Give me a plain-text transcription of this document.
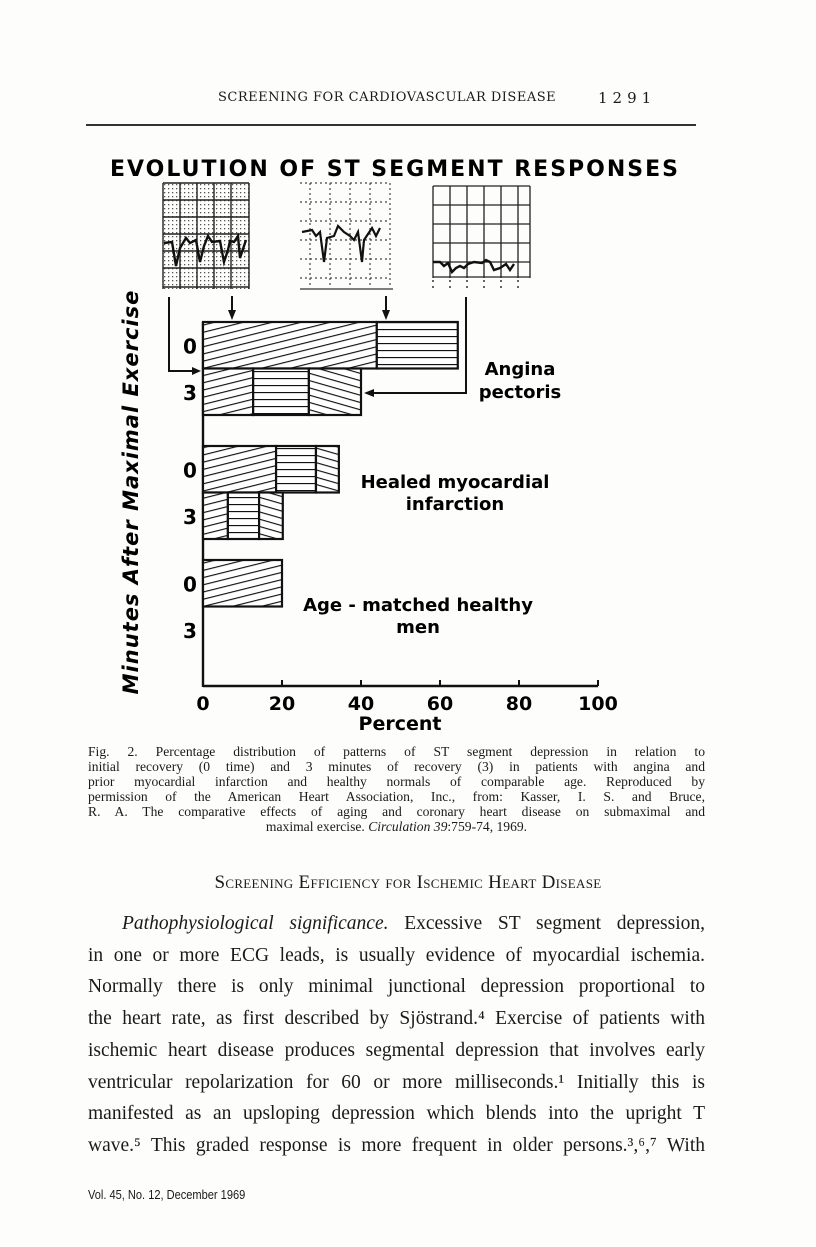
SCREENING FOR CARDIOVASCULAR DISEASE	1291
EVOLUTION OF ST SEGMENT RESPONSES
0	20	40	60	80 100
0
3
0
3
0
3
Angina
pectoris
Healed myocardial
infarction
Age - matched healthy
men
Percent
Minutes After Maximal Exercise
Fig. 2. Percentage distribution of patterns of ST segment depression in relation to
initial recovery (0 time) and 3 minutes of recovery (3) in patients with angina and
prior myocardial infarction and healthy normals of comparable age. Reproduced by
permission of the American Heart Association, Inc., from: Kasser, I. S. and Bruce,
R. A. The comparative effects of aging and coronary heart disease on submaximal and
maximal exercise. Circulation 39:759-74, 1969.
Screening Efficiency for Ischemic Heart Disease
Pathophysiological significance. Excessive ST segment depression,
in one or more ECG leads, is usually evidence of myocardial ischemia.
Normally there is only minimal junctional depression proportional to
the heart rate, as first described by Sjöstrand.⁴ Exercise of patients with
ischemic heart disease produces segmental depression that involves early
ventricular repolarization for 60 or more milliseconds.¹ Initially this is
manifested as an upsloping depression which blends into the upright T
wave.⁵ This graded response is more frequent in older persons.³,⁶,⁷ With
Vol. 45, No. 12, December 1969
